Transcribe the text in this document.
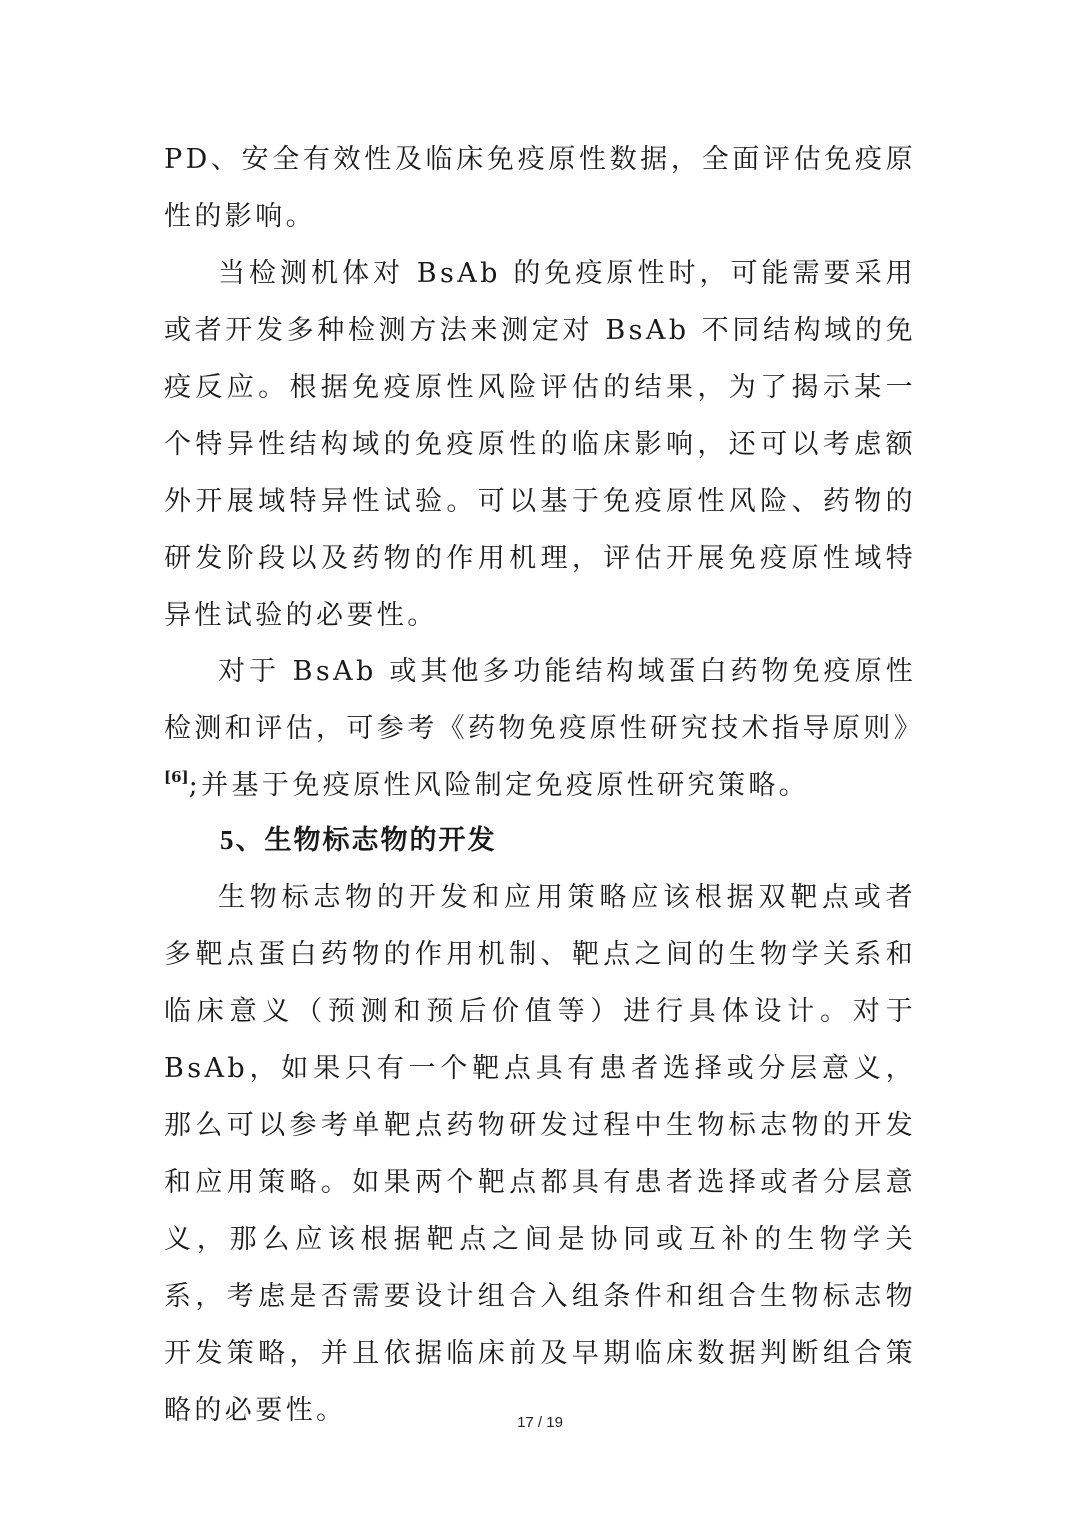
PD、安全有效性及临床免疫原性数据，全面评估免疫原性的影响。

当检测机体对 BsAb 的免疫原性时，可能需要采用或者开发多种检测方法来测定对 BsAb 不同结构域的免疫反应。根据免疫原性风险评估的结果，为了揭示某一个特异性结构域的免疫原性的临床影响，还可以考虑额外开展域特异性试验。可以基于免疫原性风险、药物的研发阶段以及药物的作用机理，评估开展免疫原性域特异性试验的必要性。

对于 BsAb 或其他多功能结构域蛋白药物免疫原性检测和评估，可参考《药物免疫原性研究技术指导原则》[6];并基于免疫原性风险制定免疫原性研究策略。

5、生物标志物的开发

生物标志物的开发和应用策略应该根据双靶点或者多靶点蛋白药物的作用机制、靶点之间的生物学关系和临床意义（预测和预后价值等）进行具体设计。对于 BsAb，如果只有一个靶点具有患者选择或分层意义，那么可以参考单靶点药物研发过程中生物标志物的开发和应用策略。如果两个靶点都具有患者选择或者分层意义，那么应该根据靶点之间是协同或互补的生物学关系，考虑是否需要设计组合入组条件和组合生物标志物开发策略，并且依据临床前及早期临床数据判断组合策略的必要性。	17 / 19
